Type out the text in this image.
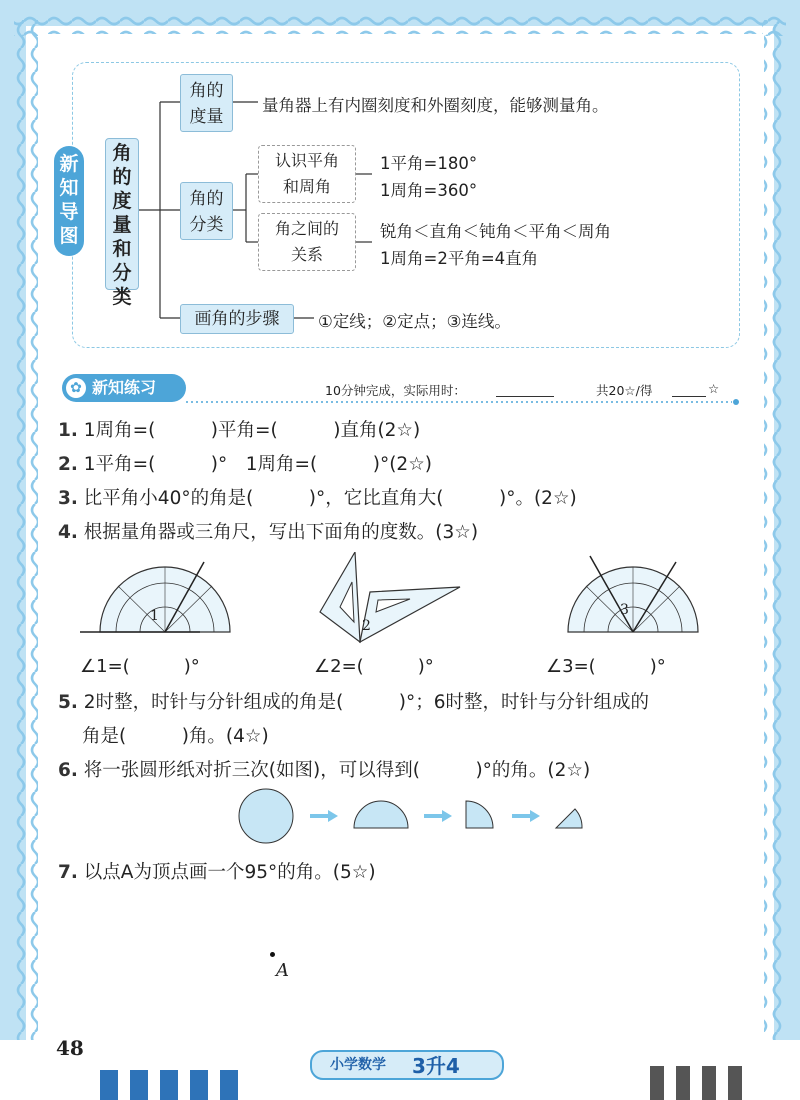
新
知
导
图
角
的
度
量
和
分
类
角的
度量
量角器上有内圈刻度和外圈刻度，能够测量角。
角的
分类
认识平角
和周角
1平角=180°
1周角=360°
角之间的
关系
锐角＜直角＜钝角＜平角＜周角
1周角=2平角=4直角
画角的步骤	①定线；②定点；③连线。
新知练习
✿	10分钟完成，实际用时：	共20☆/得	☆
1. 1周角=(　　　)平角=(　　　)直角(2☆)
2. 1平角=(　　　)°　1周角=(　　　)°(2☆)
3. 比平角小40°的角是(　　　)°，它比直角大(　　　)°。(2☆)
4. 根据量角器或三角尺，写出下面角的度数。(3☆)
1
2
3
∠1=(　　　)°	∠2=(　　　)°	∠3=(　　　)°
5. 2时整，时针与分针组成的角是(　　　)°；6时整，时针与分针组成的
角是(　　　)角。(4☆)
6. 将一张圆形纸对折三次(如图)，可以得到(　　　)°的角。(2☆)
7. 以点A为顶点画一个95°的角。(5☆)
A
48
小学数学 3升4
